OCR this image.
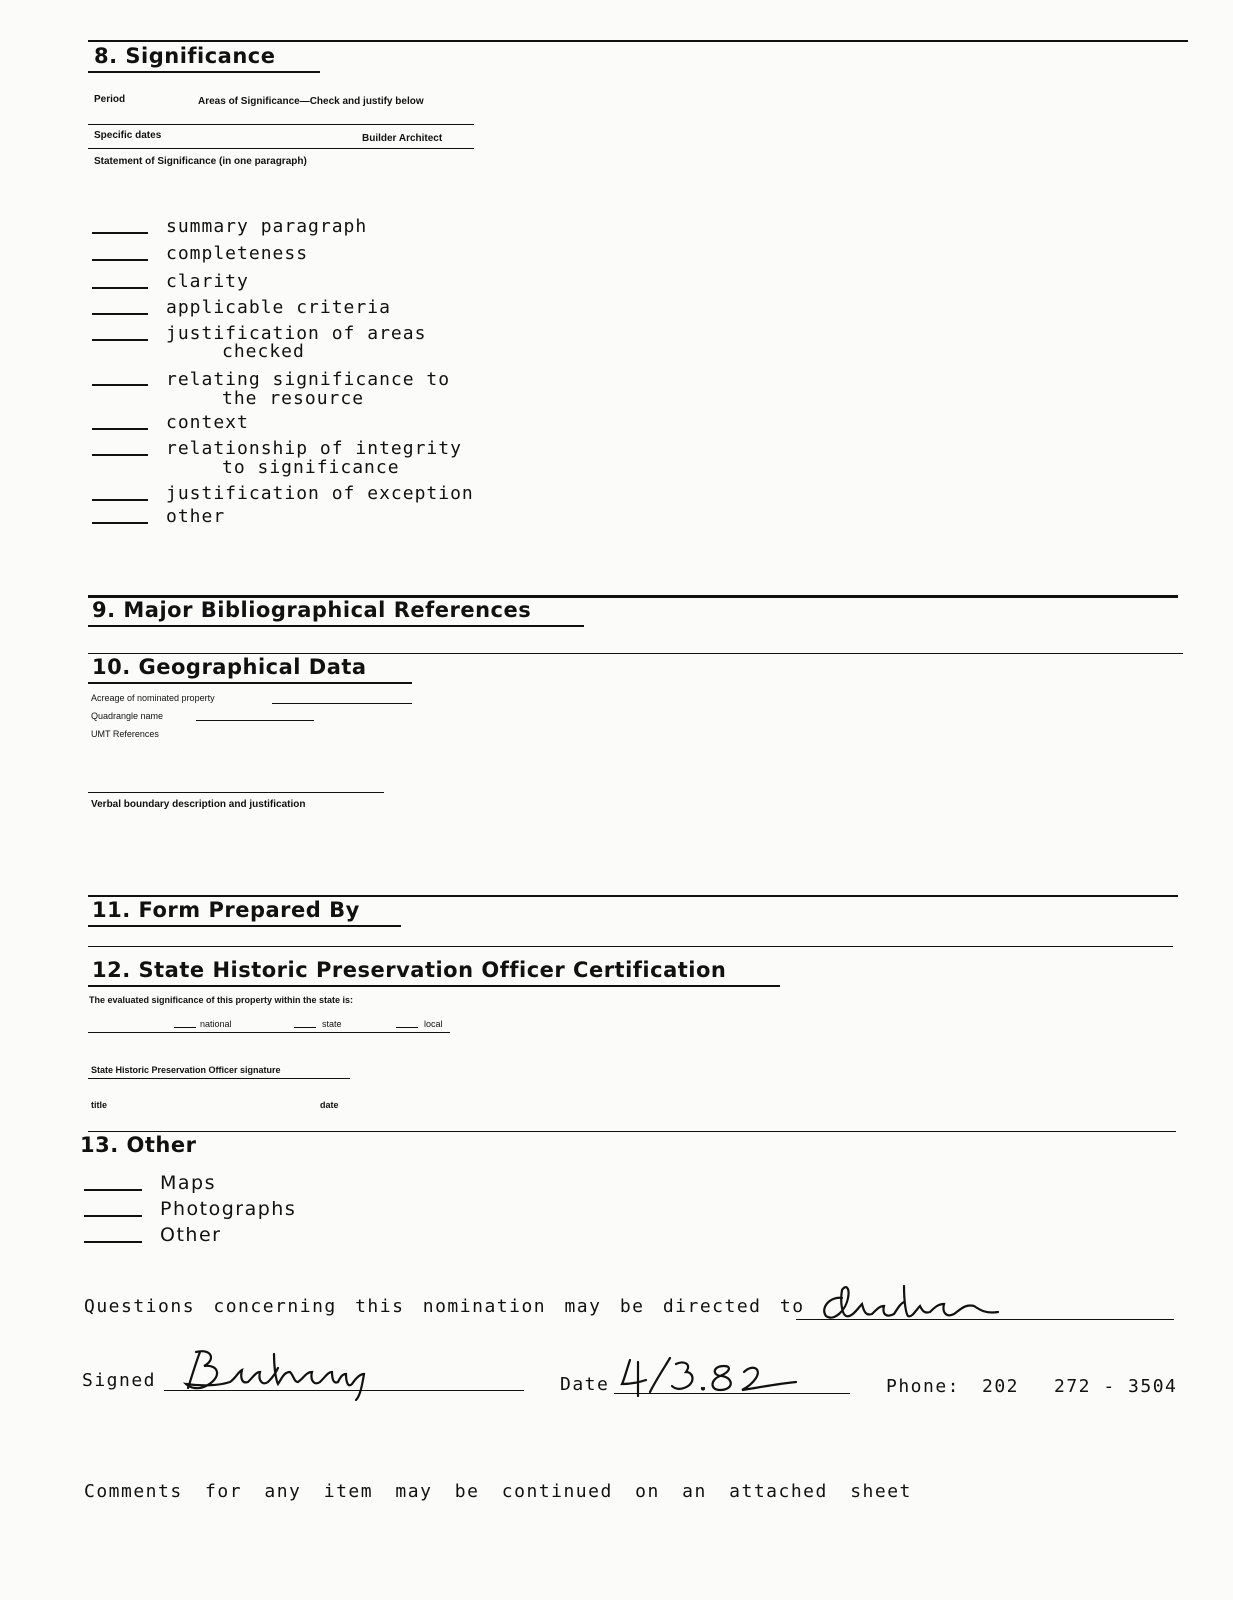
8. Significance
Period	Areas of Significance—Check and justify below
Specific dates	Builder Architect
Statement of Significance (in one paragraph)
summary paragraph
completeness
clarity
applicable criteria
justification of areas
checked
relating significance to
the resource
context
relationship of integrity
to significance
justification of exception
other
9. Major Bibliographical References
10. Geographical Data
Acreage of nominated property
Quadrangle name
UMT References
Verbal boundary description and justification
11. Form Prepared By
12. State Historic Preservation Officer Certification
The evaluated significance of this property within the state is:
national	state	local
State Historic Preservation Officer signature
title	date
13. Other
Maps
Photographs
Other
Questions concerning this nomination may be directed to
Andrus
Signed
Braham
Date
4/3.82
Phone: 202 272 - 3504
Comments for any item may be continued on an attached sheet
